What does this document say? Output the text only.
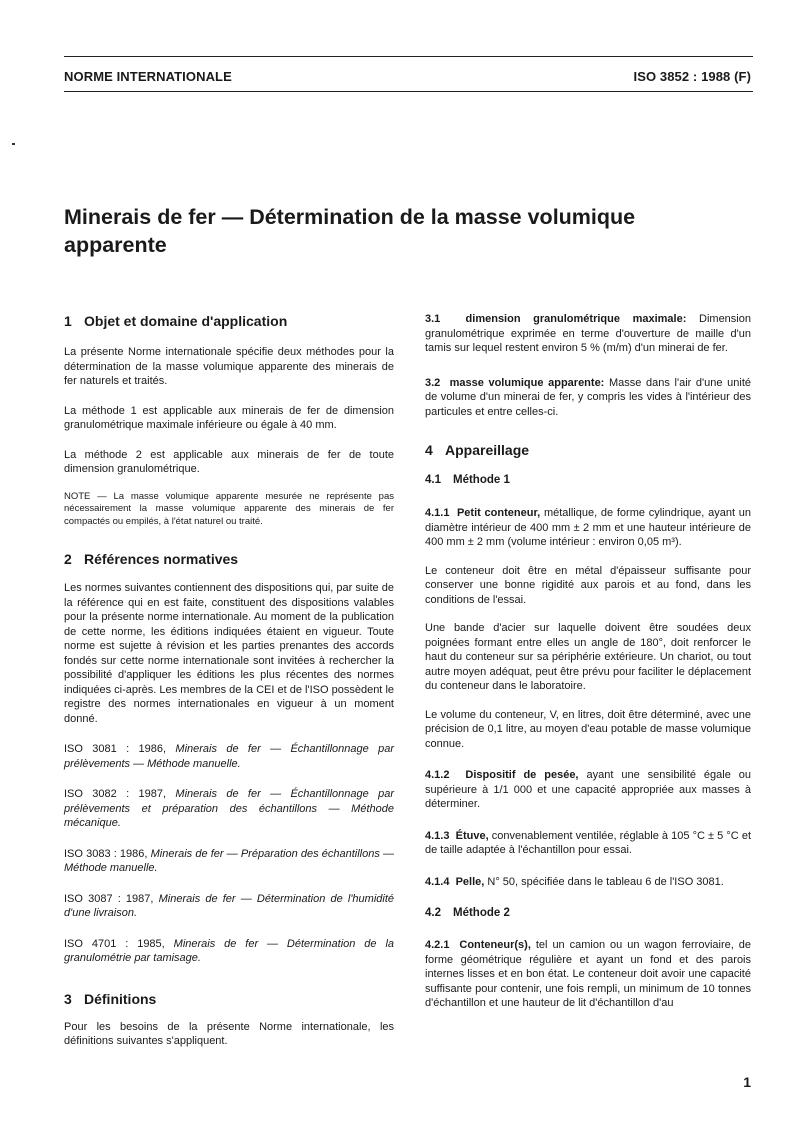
NORME INTERNATIONALE	ISO 3852 : 1988 (F)
Minerais de fer — Détermination de la masse volumique apparente
1 Objet et domaine d'application

La présente Norme internationale spécifie deux méthodes pour la détermination de la masse volumique apparente des minerais de fer naturels et traités.

La méthode 1 est applicable aux minerais de fer de dimension granulométrique maximale inférieure ou égale à 40 mm.

La méthode 2 est applicable aux minerais de fer de toute dimension granulométrique.

NOTE — La masse volumique apparente mesurée ne représente pas nécessairement la masse volumique apparente des minerais de fer compactés ou empilés, à l'état naturel ou traité.

2 Références normatives

Les normes suivantes contiennent des dispositions qui, par suite de la référence qui en est faite, constituent des dispositions valables pour la présente norme internationale. Au moment de la publication de cette norme, les éditions indiquées étaient en vigueur. Toute norme est sujette à révision et les parties prenantes des accords fondés sur cette norme internationale sont invitées à rechercher la possibilité d'appliquer les éditions les plus récentes des normes indiquées ci-après. Les membres de la CEI et de l'ISO possèdent le registre des normes internationales en vigueur à un moment donné.

ISO 3081 : 1986, Minerais de fer — Échantillonnage par prélèvements — Méthode manuelle.

ISO 3082 : 1987, Minerais de fer — Échantillonnage par prélèvements et préparation des échantillons — Méthode mécanique.

ISO 3083 : 1986, Minerais de fer — Préparation des échantillons — Méthode manuelle.

ISO 3087 : 1987, Minerais de fer — Détermination de l'humidité d'une livraison.

ISO 4701 : 1985, Minerais de fer — Détermination de la granulométrie par tamisage.

3 Définitions

Pour les besoins de la présente Norme internationale, les définitions suivantes s'appliquent.

3.1 dimension granulométrique maximale: Dimension granulométrique exprimée en terme d'ouverture de maille d'un tamis sur lequel restent environ 5 % (m/m) d'un minerai de fer.

3.2 masse volumique apparente: Masse dans l'air d'une unité de volume d'un minerai de fer, y compris les vides à l'intérieur des particules et entre celles-ci.

4 Appareillage
4.1 Méthode 1

4.1.1 Petit conteneur, métallique, de forme cylindrique, ayant un diamètre intérieur de 400 mm ± 2 mm et une hauteur intérieure de 400 mm ± 2 mm (volume intérieur : environ 0,05 m³).

Le conteneur doit être en métal d'épaisseur suffisante pour conserver une bonne rigidité aux parois et au fond, dans les conditions de l'essai.

Une bande d'acier sur laquelle doivent être soudées deux poignées formant entre elles un angle de 180°, doit renforcer le haut du conteneur sur sa périphérie extérieure. Un chariot, ou tout autre moyen adéquat, peut être prévu pour faciliter le déplacement du conteneur dans le laboratoire.

Le volume du conteneur, V, en litres, doit être déterminé, avec une précision de 0,1 litre, au moyen d'eau potable de masse volumique connue.

4.1.2 Dispositif de pesée, ayant une sensibilité égale ou supérieure à 1/1 000 et une capacité appropriée aux masses à déterminer.

4.1.3 Étuve, convenablement ventilée, réglable à 105 °C ± 5 °C et de taille adaptée à l'échantillon pour essai.

4.1.4 Pelle, N° 50, spécifiée dans le tableau 6 de l'ISO 3081.

4.2 Méthode 2

4.2.1 Conteneur(s), tel un camion ou un wagon ferroviaire, de forme géométrique régulière et ayant un fond et des parois internes lisses et en bon état. Le conteneur doit avoir une capacité suffisante pour contenir, une fois rempli, un minimum de 10 tonnes d'échantillon et une hauteur de lit d'échantillon d'au

1
